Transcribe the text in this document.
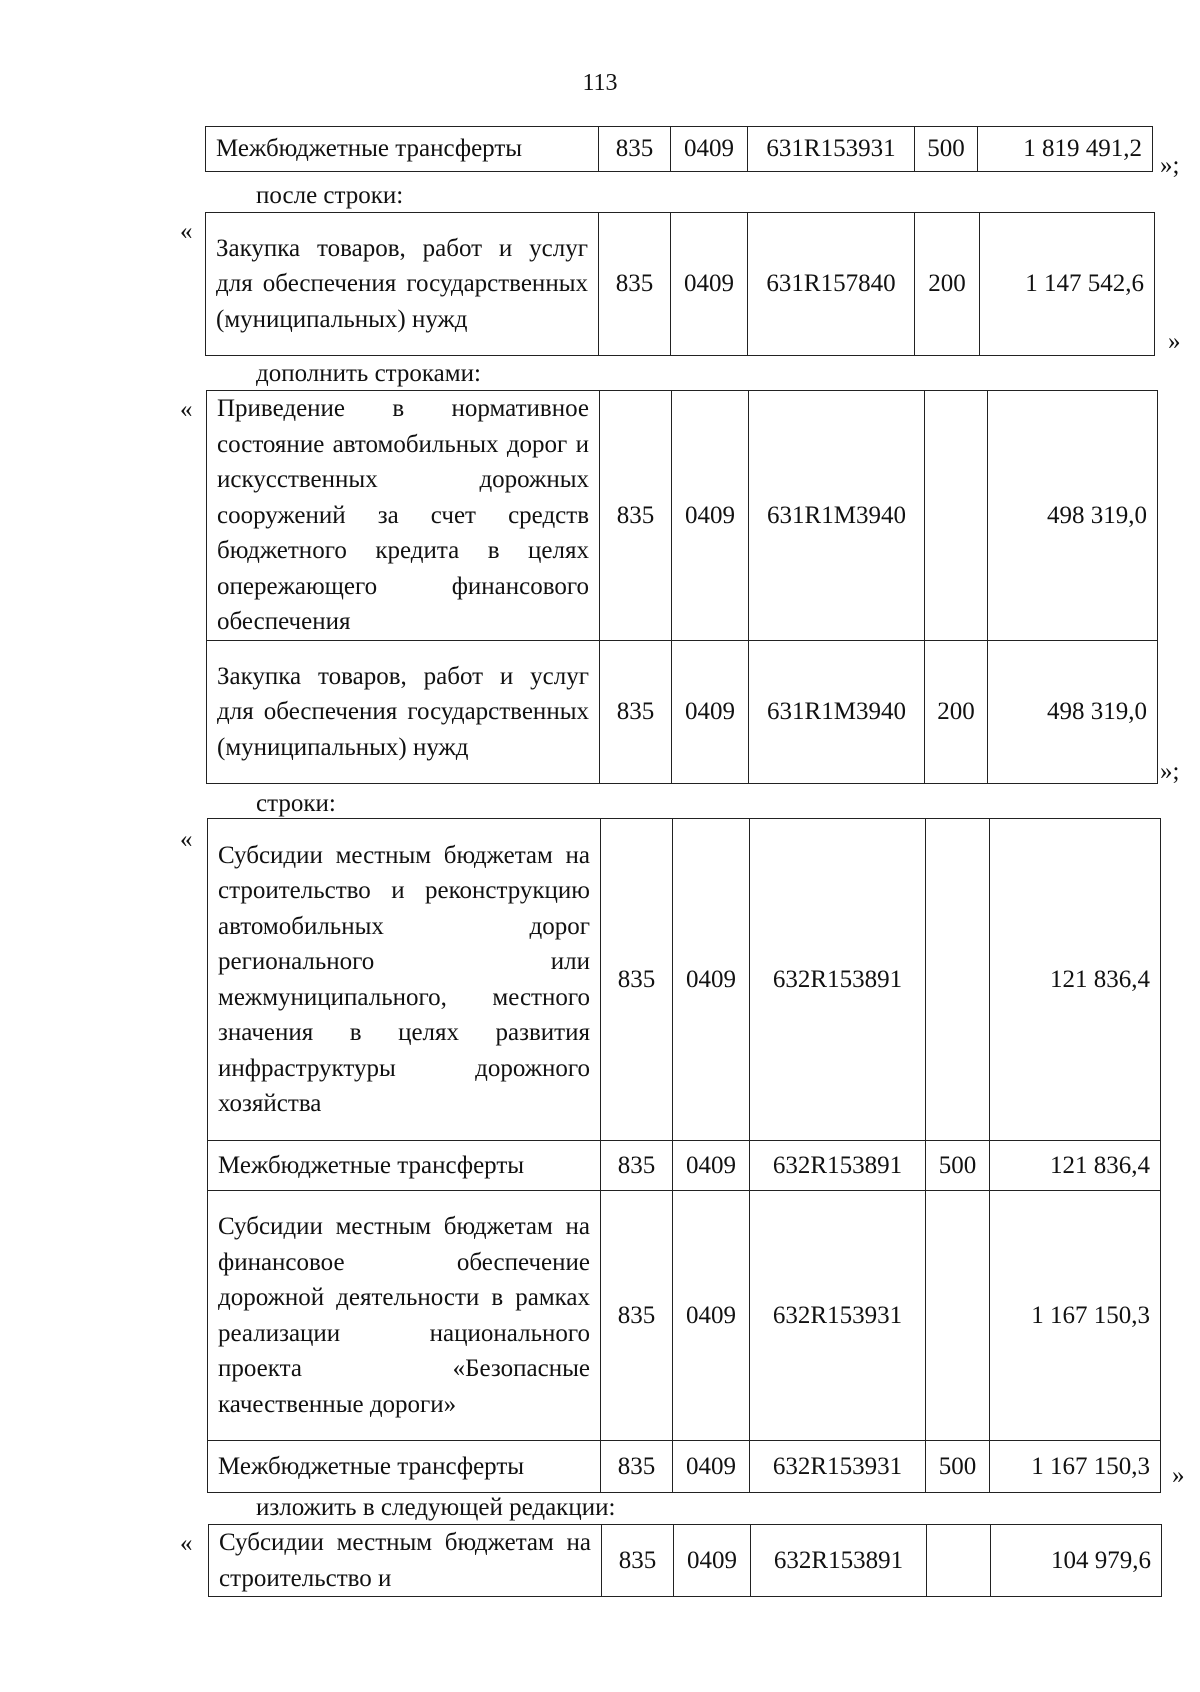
113
Межбюджетные трансферты	835	0409	631R153931	500	1 819 491,2
»;
после строки:
«
Закупка товаров, работ и услуг для обеспечения государственных (муниципальных) нужд	835	0409	631R157840	200	1 147 542,6
»
дополнить строками:
« Приведение в нормативное состояние автомобильных дорог и искусственных дорожных сооружений за счет средств бюджетного кредита в целях опережающего финансового обеспечения	835	0409	631R1M3940		498 319,0
Закупка товаров, работ и услуг для обеспечения государственных (муниципальных) нужд	835	0409	631R1M3940	200	498 319,0
»;
строки:
«
Субсидии местным бюджетам на строительство и реконструкцию автомобильных дорог регионального или межмуниципального, местного значения в целях развития инфраструктуры дорожного хозяйства	835	0409	632R153891		121 836,4
Межбюджетные трансферты	835	0409	632R153891	500	121 836,4
Субсидии местным бюджетам на финансовое обеспечение дорожной деятельности в рамках реализации национального проекта «Безопасные качественные дороги»	835	0409	632R153931		1 167 150,3
Межбюджетные трансферты	835	0409	632R153931	500	1 167 150,3 »
изложить в следующей редакции:
« Субсидии местным бюджетам на строительство и	835	0409	632R153891		104 979,6
